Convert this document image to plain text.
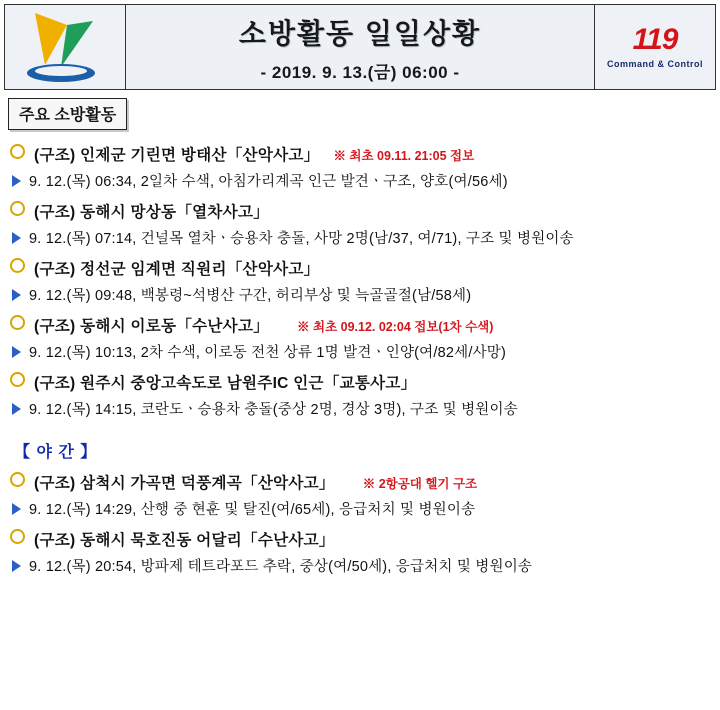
소방활동 일일상황
- 2019. 9. 13.(금) 06:00 -
119
Command & Control
주요 소방활동
(구조) 인제군 기린면 방태산「산악사고」 ※ 최초 09.11. 21:05 접보
9. 12.(목) 06:34, 2일차 수색, 아침가리계곡 인근 발견ㆍ구조, 양호(여/56세)
(구조) 동해시 망상동「열차사고」
9. 12.(목) 07:14, 건널목 열차ㆍ승용차 충돌, 사망 2명(남/37, 여/71), 구조 및 병원이송
(구조) 정선군 임계면 직원리「산악사고」
9. 12.(목) 09:48, 백봉령~석병산 구간, 허리부상 및 늑골골절(남/58세)
(구조) 동해시 이로동「수난사고」 ※ 최초 09.12. 02:04 접보(1차 수색)
9. 12.(목) 10:13, 2차 수색, 이로동 전천 상류 1명 발견ㆍ인양(여/82세/사망)
(구조) 원주시 중앙고속도로 남원주IC 인근「교통사고」
9. 12.(목) 14:15, 코란도ㆍ승용차 충돌(중상 2명, 경상 3명), 구조 및 병원이송
【 야 간 】
(구조) 삼척시 가곡면 덕풍계곡「산악사고」 ※ 2항공대 헬기 구조
9. 12.(목) 14:29, 산행 중 현훈 및 탈진(여/65세), 응급처치 및 병원이송
(구조) 동해시 묵호진동 어달리「수난사고」
9. 12.(목) 20:54, 방파제 테트라포드 추락, 중상(여/50세), 응급처치 및 병원이송
